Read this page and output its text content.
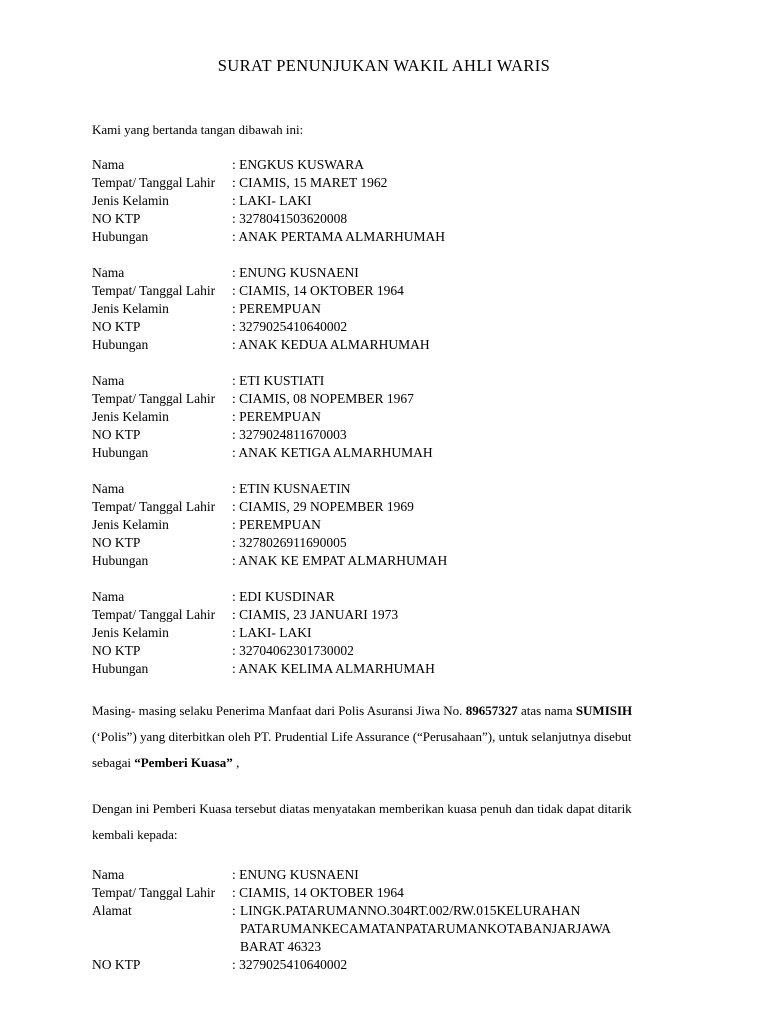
SURAT PENUNJUKAN WAKIL AHLI WARIS
Kami yang bertanda tangan dibawah ini:
Nama	: ENGKUS KUSWARA
Tempat/ Tanggal Lahir	: CIAMIS, 15 MARET 1962
Jenis Kelamin	: LAKI- LAKI
NO KTP	: 3278041503620008
Hubungan	: ANAK PERTAMA ALMARHUMAH
Nama	: ENUNG KUSNAENI
Tempat/ Tanggal Lahir	: CIAMIS, 14 OKTOBER 1964
Jenis Kelamin	: PEREMPUAN
NO KTP	: 3279025410640002
Hubungan	: ANAK KEDUA ALMARHUMAH
Nama	: ETI KUSTIATI
Tempat/ Tanggal Lahir	: CIAMIS, 08 NOPEMBER 1967
Jenis Kelamin	: PEREMPUAN
NO KTP	: 3279024811670003
Hubungan	: ANAK KETIGA ALMARHUMAH
Nama	: ETIN KUSNAETIN
Tempat/ Tanggal Lahir	: CIAMIS, 29 NOPEMBER 1969
Jenis Kelamin	: PEREMPUAN
NO KTP	: 3278026911690005
Hubungan	: ANAK KE EMPAT ALMARHUMAH
Nama	: EDI KUSDINAR
Tempat/ Tanggal Lahir	: CIAMIS, 23 JANUARI 1973
Jenis Kelamin	: LAKI- LAKI
NO KTP	: 32704062301730002
Hubungan	: ANAK KELIMA ALMARHUMAH
Masing- masing selaku Penerima Manfaat dari Polis Asuransi Jiwa No. 89657327 atas nama SUMISIH
(‘Polis”) yang diterbitkan oleh PT. Prudential Life Assurance (“Perusahaan”), untuk selanjutnya disebut
sebagai “Pemberi Kuasa” ,
Dengan ini Pemberi Kuasa tersebut diatas menyatakan memberikan kuasa penuh dan tidak dapat ditarik
kembali kepada:
Nama	: ENUNG KUSNAENI
Tempat/ Tanggal Lahir	: CIAMIS, 14 OKTOBER 1964
Alamat	: LINGK.PATARUMANNO.304RT.002/RW.015KELURAHAN
PATARUMANKECAMATANPATARUMANKOTABANJARJAWA
BARAT 46323
NO KTP	: 3279025410640002
